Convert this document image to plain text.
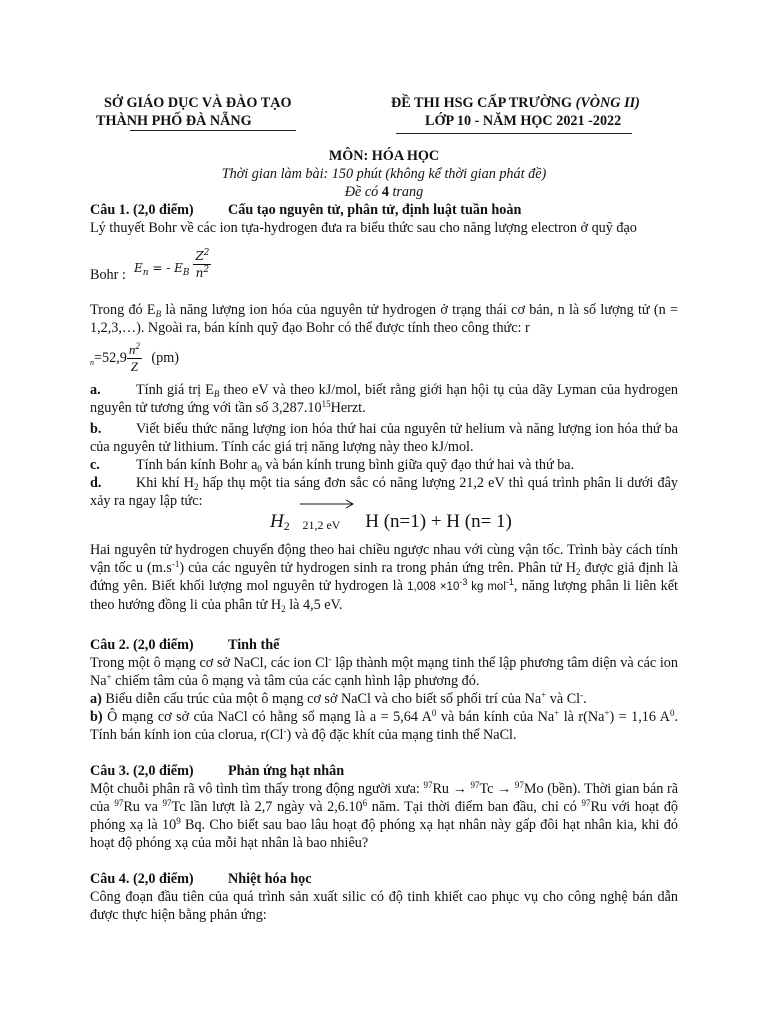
SỞ GIÁO DỤC VÀ ĐÀO TẠO
THÀNH PHỐ ĐÀ NẴNG
ĐỀ THI HSG CẤP TRƯỜNG (VÒNG II)
LỚP 10 - NĂM HỌC 2021 -2022
MÔN: HÓA HỌC
Thời gian làm bài: 150 phút (không kể thời gian phát đề)
Đề có 4 trang
Câu 1. (2,0 điểm) Cấu tạo nguyên tử, phân tử, định luật tuần hoàn
Lý thuyết Bohr về các ion tựa-hydrogen đưa ra biểu thức sau cho năng lượng electron ở quỹ đạo
Bohr : $E_n$ = - $E_B \frac{Z^2}{n^2}$

Trong đó $E_B$ là năng lượng ion hóa của nguyên tử hydrogen ở trạng thái cơ bản, n là số lượng tử (n = 1,2,3,…). Ngoài ra, bán kính quỹ đạo Bohr có thể được tính theo công thức: r

$_n=52,9 \frac{n^2}{Z} (pm)$

a. Tính giá trị $E_B$ theo eV và theo kJ/mol, biết rằng giới hạn hội tụ của dãy Lyman của hydrogen nguyên tử tương ứng với tần số 3,287.10$^{15}$Herzt.

b. Viết biểu thức năng lượng ion hóa thứ hai của nguyên tử helium và năng lượng ion hóa thứ ba của nguyên tử lithium. Tính các giá trị năng lượng này theo kJ/mol.

c.	Tính bán kính Bohr $a_0$ và bán kính trung bình giữa quỹ đạo thứ hai và thứ ba.

d. Khi khí $H_2$ hấp thụ một tia sáng đơn sắc có năng lượng 21,2 eV thì quá trình phân li dưới đây xảy ra ngay lập tức:

$H_2$ 21,2 eV H (n=1) + H (n= 1)

Hai nguyên tử hydrogen chuyển động theo hai chiều ngược nhau với cùng vận tốc. Trình bày cách tính vận tốc u $(m.s^{-1})$ của các nguyên tử hydrogen sinh ra trong phản ứng trên. Phân tử $H_2$ được giả định là đứng yên. Biết khối lượng mol nguyên tử hydrogen là $1,008 \times 10^{-3}$ kg mol$^{-1}$, năng lượng phân li liên kết theo hướng đồng li của phân tử $H_2$ là 4,5 eV.

Câu 2. (2,0 điểm) Tinh thể

Trong một ô mạng cơ sở NaCl, các ion Cl- lập thành một mạng tinh thể lập phương tâm diện và các ion Na+ chiếm tâm của ô mạng và tâm của các cạnh hình lập phương đó.

a) Biểu diễn cấu trúc của một ô mạng cơ sở NaCl và cho biết số phối trí của Na+ và Cl-.

b) Ô mạng cơ sở của NaCl có hằng số mạng là a = 5,64 $A^0$ và bán kính của Na+ là r(Na+) = 1,16 $A^0$. Tính bán kính ion của clorua, r(Cl-) và độ đặc khít của mạng tinh thể NaCl.

Câu 3. (2,0 điểm) Phản ứng hạt nhân

Một chuỗi phân rã vô tình tìm thấy trong động người xưa: $^{97}$Ru → $^{97}$Tc → $^{97}$Mo (bền). Thời gian bán rã của $^{97}$Ru va $^{97}$Tc lần lượt là 2,7 ngày và 2,6.10$^6$ năm. Tại thời điểm ban đầu, chỉ có $^{97}$Ru với hoạt độ phóng xạ là $10^9$ Bq. Cho biết sau bao lâu hoạt độ phóng xạ hạt nhân này gấp đôi hạt nhân kia, khi đó hoạt độ phóng xạ của mỗi hạt nhân là bao nhiêu?

Câu 4. (2,0 điểm) Nhiệt hóa học
Công đoạn đầu tiên của quá trình sản xuất silic có độ tinh khiết cao phục vụ cho công nghệ bán dẫn được thực hiện bằng phản ứng:
